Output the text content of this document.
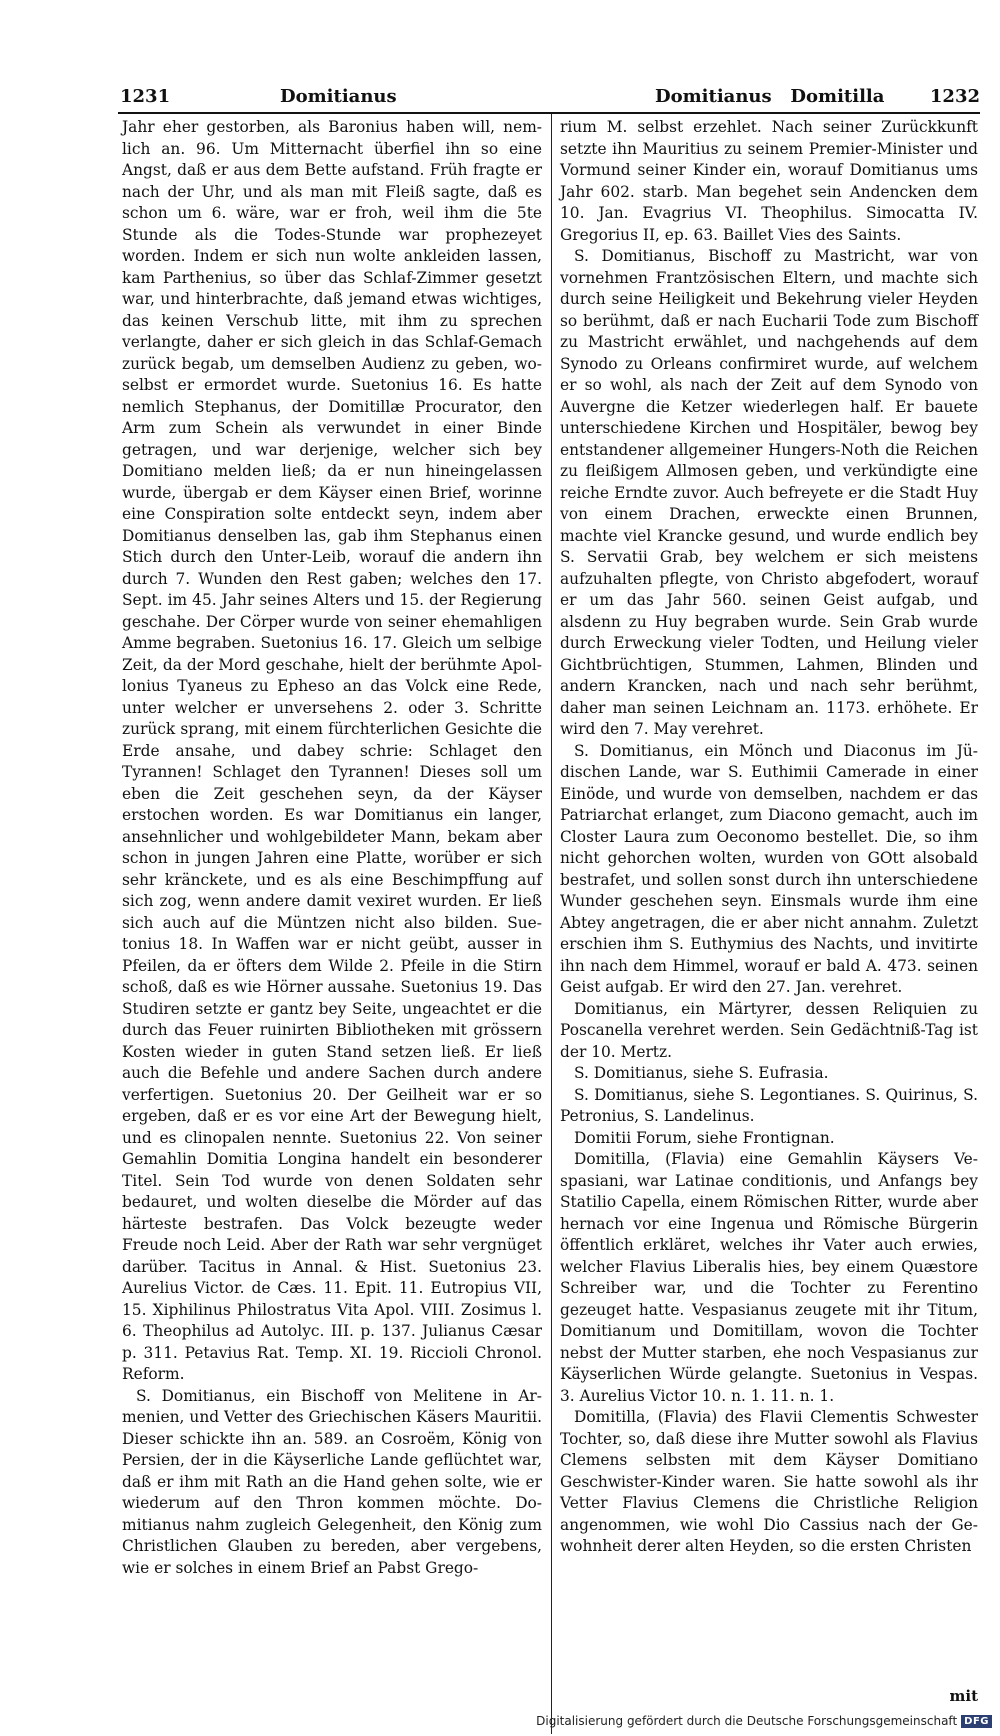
1231	Domitianus	Domitianus   Domitilla	1232

Jahr eher gestorben, als Baronius haben will, nemlich an. 96. Um Mitternacht überfiel ihn so eine Angst, daß er aus dem Bette aufstand. Früh fragte er nach der Uhr, und als man mit Fleiß sagte, daß es schon um 6. wäre, war er froh, weil ihm die 5te Stunde als die Todes-Stunde war prophezeyet worden. Indem er sich nun wolte ankleiden lassen, kam Parthenius, so über das Schlaf-Zimmer gesetzt war, und hinterbrachte, daß jemand etwas wichtiges, das keinen Verschub litte, mit ihm zu sprechen verlangte, daher er sich gleich in das Schlaf-Gemach zurück begab, um demselben Audienz zu geben, woselbst er ermordet wurde. Suetonius 16. Es hatte nemlich Stephanus, der Domitillæ Procurator, den Arm zum Schein als verwundet in einer Binde getragen, und war derjenige, welcher sich bey Domitiano melden ließ; da er nun hineingelassen wurde, übergab er dem Käyser einen Brief, worinne eine Conspiration solte entdeckt seyn, indem aber Domitianus denselben las, gab ihm Stephanus einen Stich durch den Unter-Leib, worauf die andern ihn durch 7. Wunden den Rest gaben; welches den 17. Sept. im 45. Jahr seines Alters und 15. der Regierung geschahe. Der Cörper wurde von seiner ehemahligen Amme begraben. Suetonius 16. 17. Gleich um selbige Zeit, da der Mord geschahe, hielt der berühmte Apollonius Tyaneus zu Epheso an das Volck eine Rede, unter welcher er unversehens 2. oder 3. Schritte zurück sprang, mit einem fürchterlichen Gesichte die Erde ansahe, und dabey schrie: Schlaget den Tyrannen! Schlaget den Tyrannen! Dieses soll um eben die Zeit geschehen seyn, da der Käyser erstochen worden. Es war Domitianus ein langer, ansehnlicher und wohlgebildeter Mann, bekam aber schon in jungen Jahren eine Platte, worüber er sich sehr kränckete, und es als eine Beschimpffung auf sich zog, wenn andere damit vexiret wurden. Er ließ sich auch auf die Müntzen nicht also bilden. Suetonius 18. In Waffen war er nicht geübt, ausser in Pfeilen, da er öfters dem Wilde 2. Pfeile in die Stirn schoß, daß es wie Hörner aussahe. Suetonius 19. Das Studiren setzte er gantz bey Seite, ungeachtet er die durch das Feuer ruinirten Bibliotheken mit grössern Kosten wieder in guten Stand setzen ließ. Er ließ auch die Befehle und andere Sachen durch andere verfertigen. Suetonius 20. Der Geilheit war er so ergeben, daß er es vor eine Art der Bewegung hielt, und es clinopalen nennte. Suetonius 22. Von seiner Gemahlin Domitia Longina handelt ein besonderer Titel. Sein Tod wurde von denen Soldaten sehr bedauret, und wolten dieselbe die Mörder auf das härteste bestrafen. Das Volck bezeugte weder Freude noch Leid. Aber der Rath war sehr vergnüget darüber. Tacitus in Annal. & Hist. Suetonius 23. Aurelius Victor. de Cæs. 11. Epit. 11. Eutropius VII, 15. Xiphilinus Philostratus Vita Apol. VIII. Zosimus l. 6. Theophilus ad Autolyc. III. p. 137. Julianus Cæsar p. 311. Petavius Rat. Temp. XI. 19. Riccioli Chronol. Reform.

S. Domitianus, ein Bischoff von Melitene in Armenien, und Vetter des Griechischen Käsers Mauritii. Dieser schickte ihn an. 589. an Cosroëm, König von Persien, der in die Käyserliche Lande geflüchtet war, daß er ihm mit Rath an die Hand gehen solte, wie er wiederum auf den Thron kommen möchte. Domitianus nahm zugleich Gelegenheit, den König zum Christlichen Glauben zu bereden, aber vergebens, wie er solches in einem Brief an Pabst Grego-

rium M. selbst erzehlet. Nach seiner Zurückkunft setzte ihn Mauritius zu seinem Premier-Minister und Vormund seiner Kinder ein, worauf Domitianus ums Jahr 602. starb. Man begehet sein Andencken dem 10. Jan. Evagrius VI. Theophilus. Simocatta IV. Gregorius II, ep. 63. Baillet Vies des Saints.

S. Domitianus, Bischoff zu Mastricht, war von vornehmen Frantzösischen Eltern, und machte sich durch seine Heiligkeit und Bekehrung vieler Heyden so berühmt, daß er nach Eucharii Tode zum Bischoff zu Mastricht erwählet, und nachgehends auf dem Synodo zu Orleans confirmiret wurde, auf welchem er so wohl, als nach der Zeit auf dem Synodo von Auvergne die Ketzer wiederlegen half. Er bauete unterschiedene Kirchen und Hospitäler, bewog bey entstandener allgemeiner Hungers-Noth die Reichen zu fleißigem Allmosen geben, und verkündigte eine reiche Erndte zuvor. Auch befreyete er die Stadt Huy von einem Drachen, erweckte einen Brunnen, machte viel Krancke gesund, und wurde endlich bey S. Servatii Grab, bey welchem er sich meistens aufzuhalten pflegte, von Christo abgefodert, worauf er um das Jahr 560. seinen Geist aufgab, und alsdenn zu Huy begraben wurde. Sein Grab wurde durch Erweckung vieler Todten, und Heilung vieler Gichtbrüchtigen, Stummen, Lahmen, Blinden und andern Krancken, nach und nach sehr berühmt, daher man seinen Leichnam an. 1173. erhöhete. Er wird den 7. May verehret.

S. Domitianus, ein Mönch und Diaconus im Jüdischen Lande, war S. Euthimii Camerade in einer Einöde, und wurde von demselben, nachdem er das Patriarchat erlanget, zum Diacono gemacht, auch im Closter Laura zum Oeconomo bestellet. Die, so ihm nicht gehorchen wolten, wurden von GOtt alsobald bestrafet, und sollen sonst durch ihn unterschiedene Wunder geschehen seyn. Einsmals wurde ihm eine Abtey angetragen, die er aber nicht annahm. Zuletzt erschien ihm S. Euthymius des Nachts, und invitirte ihn nach dem Himmel, worauf er bald A. 473. seinen Geist aufgab. Er wird den 27. Jan. verehret.

Domitianus, ein Märtyrer, dessen Reliquien zu Poscanella verehret werden. Sein Gedächtniß-Tag ist der 10. Mertz.

S. Domitianus, siehe S. Eufrasia.

S. Domitianus, siehe S. Legontianes. S. Quirinus, S. Petronius, S. Landelinus.

Domitii Forum, siehe Frontignan.

Domitilla, (Flavia) eine Gemahlin Käysers Vespasiani, war Latinae conditionis, und Anfangs bey Statilio Capella, einem Römischen Ritter, wurde aber hernach vor eine Ingenua und Römische Bürgerin öffentlich erkläret, welches ihr Vater auch erwies, welcher Flavius Liberalis hies, bey einem Quæstore Schreiber war, und die Tochter zu Ferentino gezeuget hatte. Vespasianus zeugete mit ihr Titum, Domitianum und Domitillam, wovon die Tochter nebst der Mutter starben, ehe noch Vespasianus zur Käyserlichen Würde gelangte. Suetonius in Vespas. 3. Aurelius Victor 10. n. 1. 11. n. 1.

Domitilla, (Flavia) des Flavii Clementis Schwester Tochter, so, daß diese ihre Mutter sowohl als Flavius Clemens selbsten mit dem Käyser Domitiano Geschwister-Kinder waren. Sie hatte sowohl als ihr Vetter Flavius Clemens die Christliche Religion angenommen, wie wohl Dio Cassius nach der Gewohnheit derer alten Heyden, so die ersten Christen

mit
Digitalisierung gefördert durch die Deutsche Forschungsgemeinschaft DFG
